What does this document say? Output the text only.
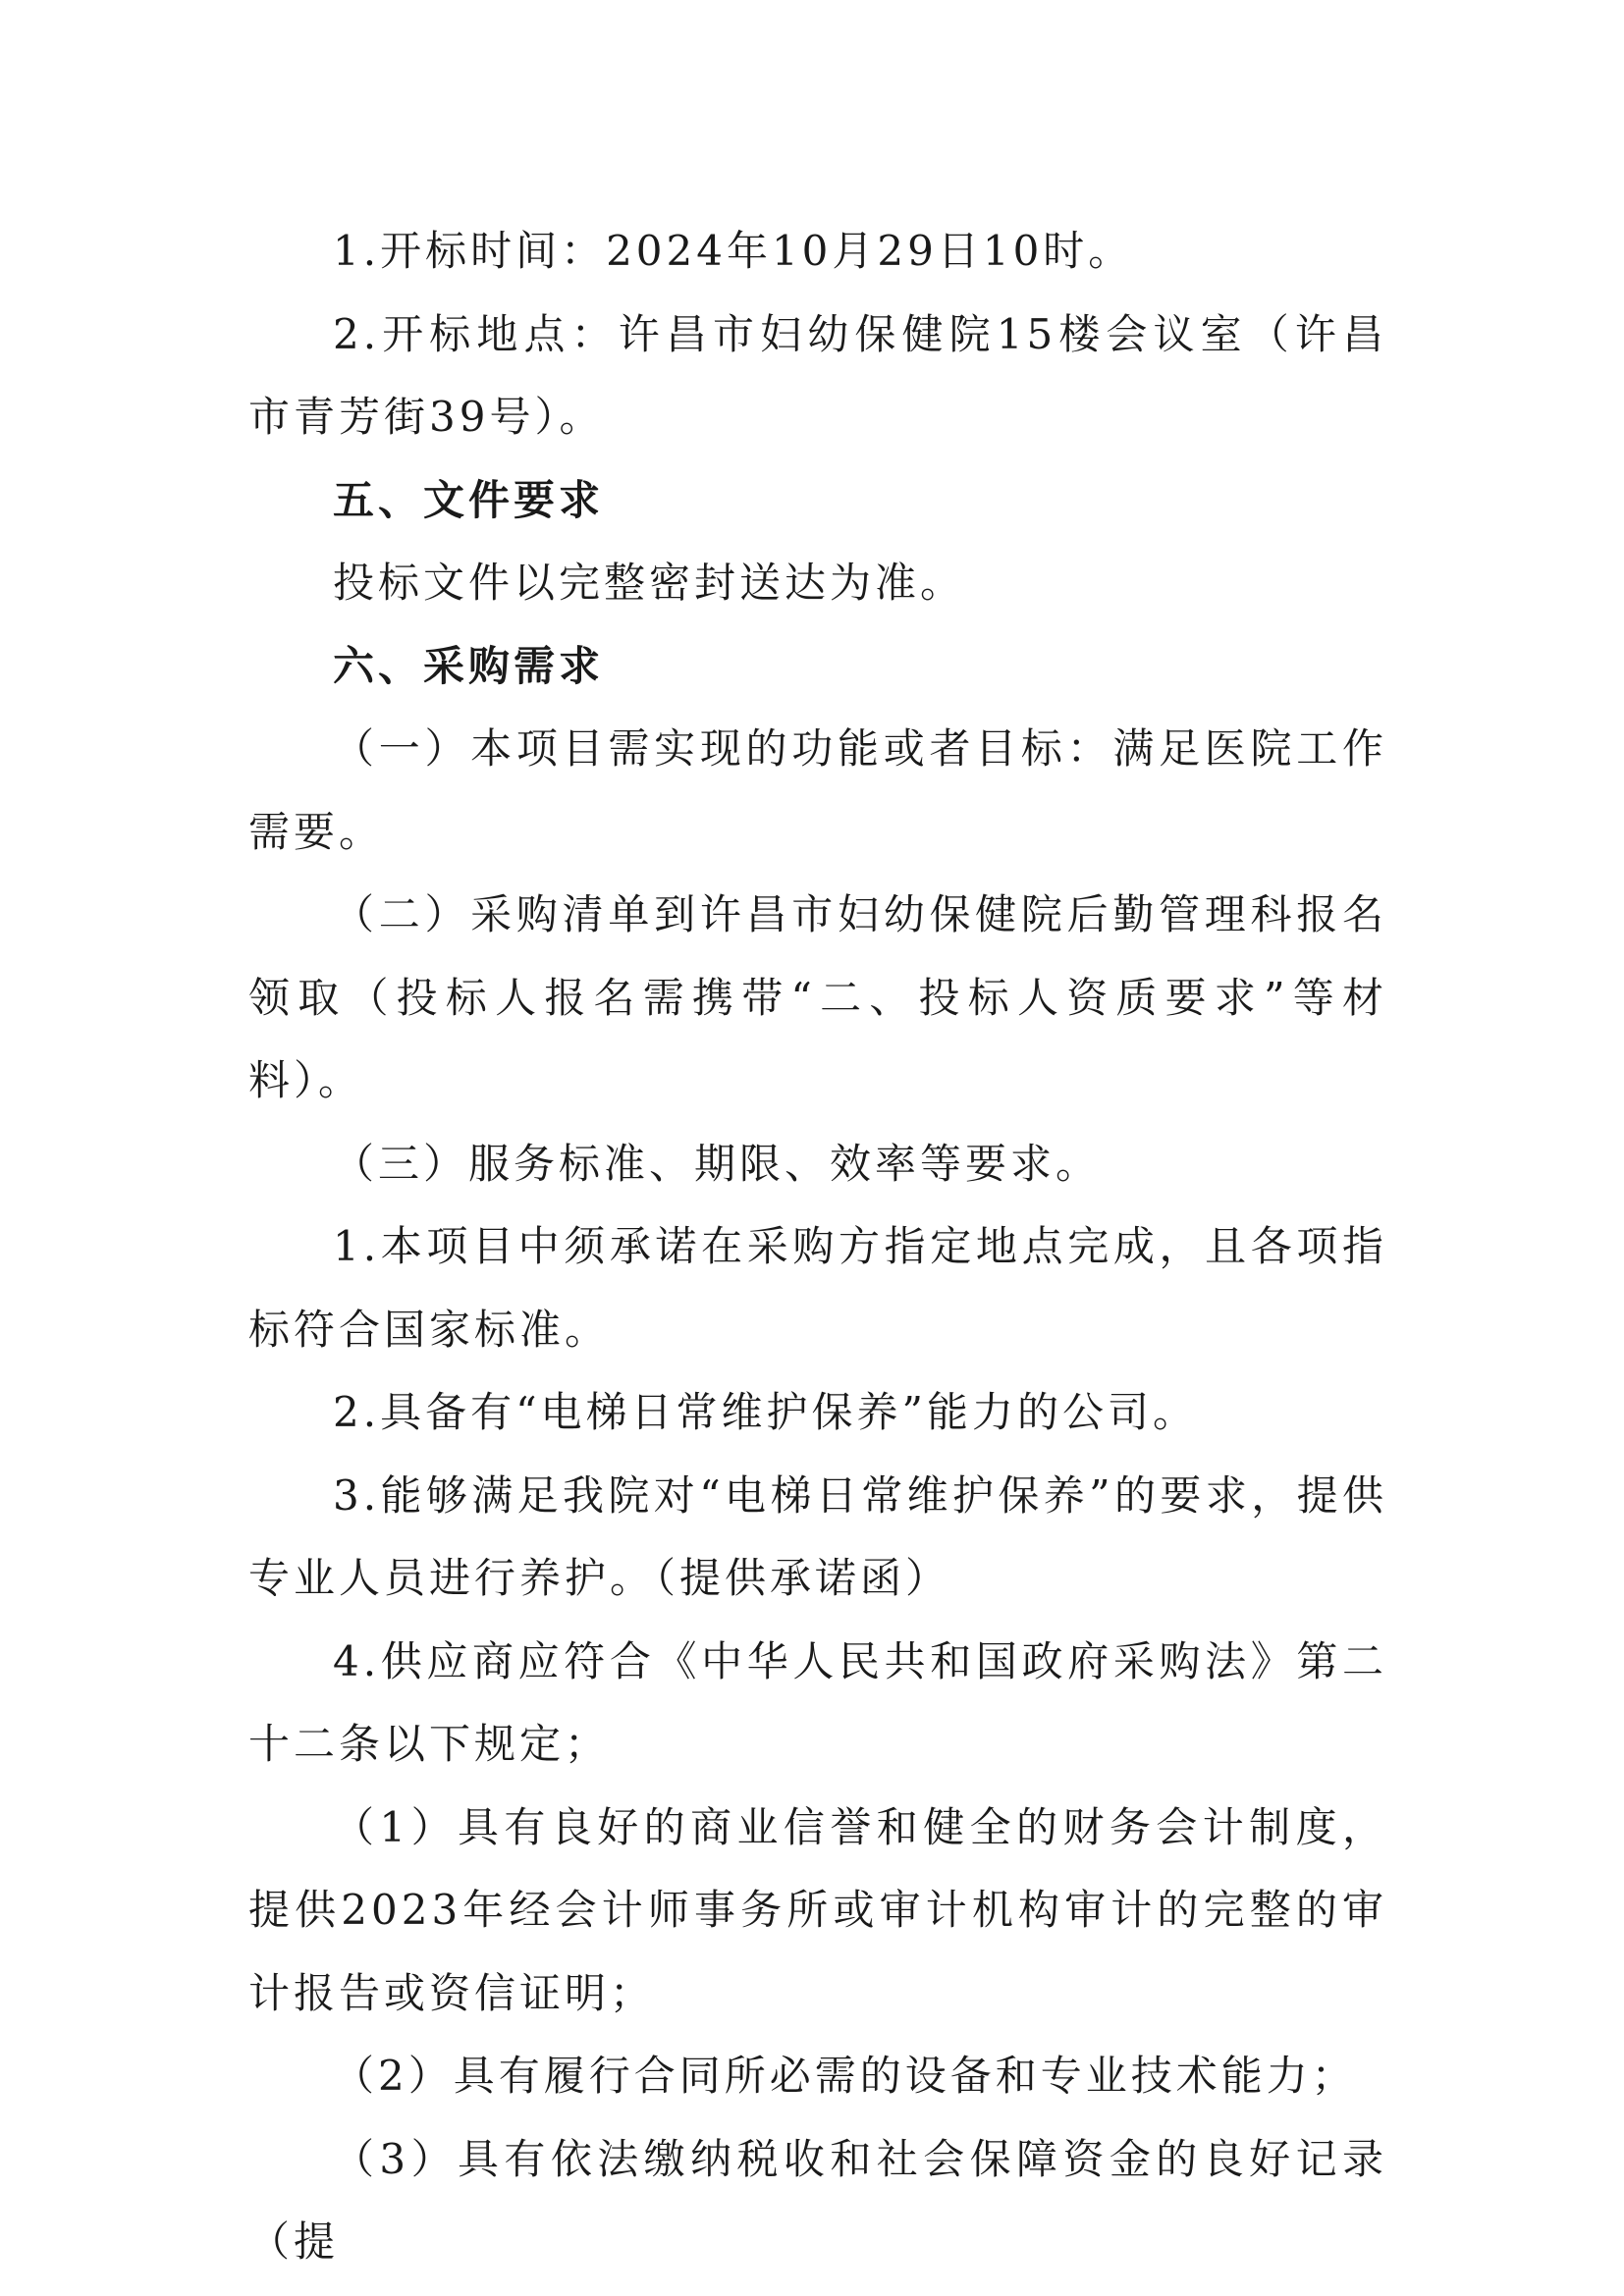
1.开标时间：2024年10月29日10时。

2.开标地点：许昌市妇幼保健院15楼会议室（许昌市青芳街39号）。

五、文件要求

投标文件以完整密封送达为准。

六、采购需求

（一）本项目需实现的功能或者目标：满足医院工作需要。

（二）采购清单到许昌市妇幼保健院后勤管理科报名领取（投标人报名需携带“二、投标人资质要求”等材料）。

（三）服务标准、期限、效率等要求。

1.本项目中须承诺在采购方指定地点完成，且各项指标符合国家标准。

2.具备有“电梯日常维护保养”能力的公司。

3.能够满足我院对“电梯日常维护保养”的要求，提供专业人员进行养护。（提供承诺函）

4.供应商应符合《中华人民共和国政府采购法》第二十二条以下规定；

（1）具有良好的商业信誉和健全的财务会计制度，提供2023年经会计师事务所或审计机构审计的完整的审计报告或资信证明；

（2）具有履行合同所必需的设备和专业技术能力；

（3）具有依法缴纳税收和社会保障资金的良好记录（提
